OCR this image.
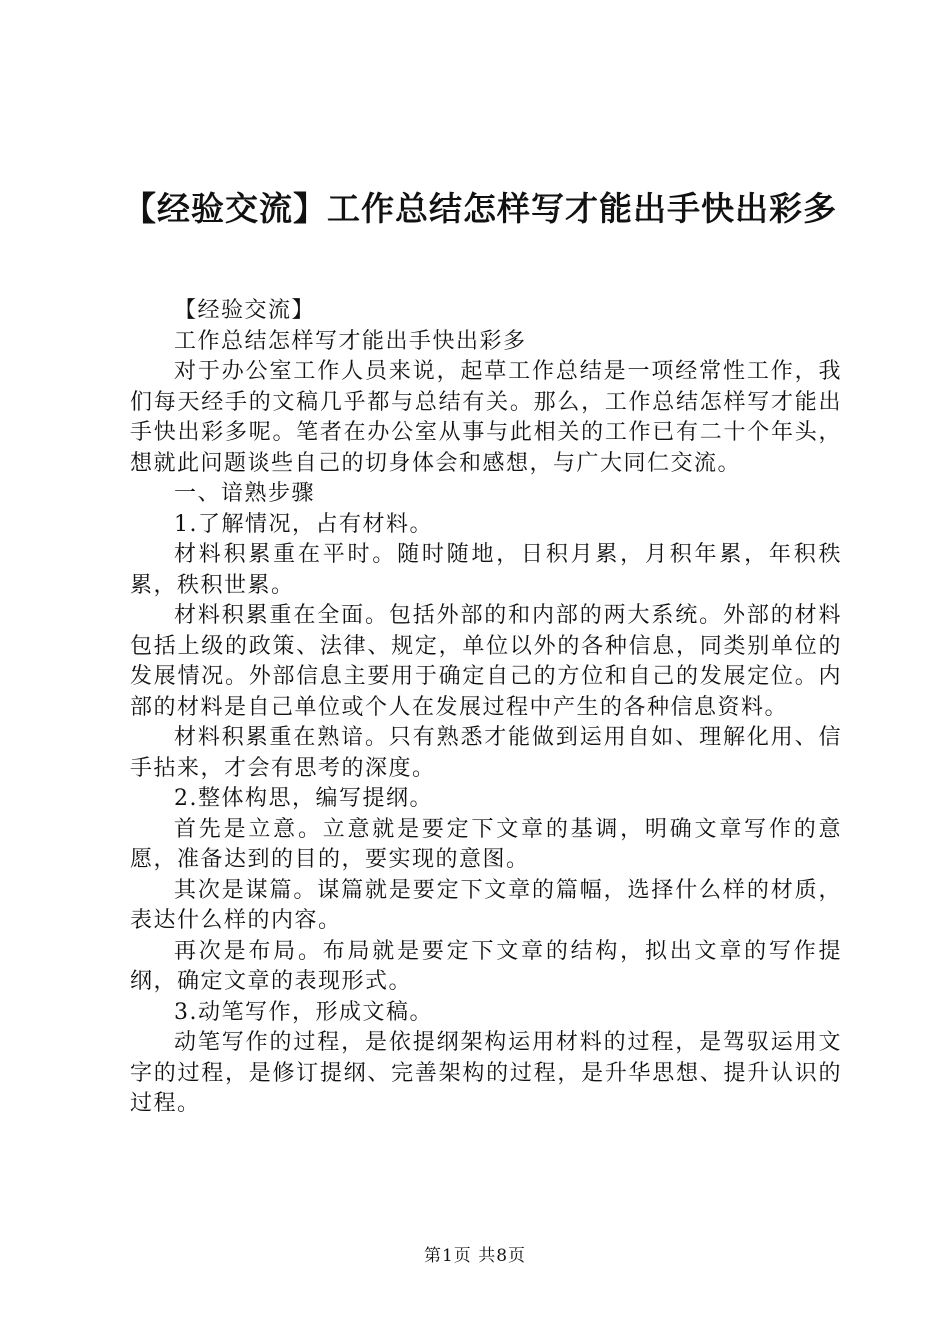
【经验交流】工作总结怎样写才能出手快出彩多

【经验交流】

工作总结怎样写才能出手快出彩多

对于办公室工作人员来说，起草工作总结是一项经常性工作，我们每天经手的文稿几乎都与总结有关。那么，工作总结怎样写才能出手快出彩多呢。笔者在办公室从事与此相关的工作已有二十个年头，想就此问题谈些自己的切身体会和感想，与广大同仁交流。

一、谙熟步骤

1.了解情况，占有材料。

材料积累重在平时。随时随地，日积月累，月积年累，年积秩累，秩积世累。

材料积累重在全面。包括外部的和内部的两大系统。外部的材料包括上级的政策、法律、规定，单位以外的各种信息，同类别单位的发展情况。外部信息主要用于确定自己的方位和自己的发展定位。内部的材料是自己单位或个人在发展过程中产生的各种信息资料。

材料积累重在熟谙。只有熟悉才能做到运用自如、理解化用、信手拈来，才会有思考的深度。

2.整体构思，编写提纲。

首先是立意。立意就是要定下文章的基调，明确文章写作的意愿，准备达到的目的，要实现的意图。

其次是谋篇。谋篇就是要定下文章的篇幅，选择什么样的材质，表达什么样的内容。

再次是布局。布局就是要定下文章的结构，拟出文章的写作提纲，确定文章的表现形式。

3.动笔写作，形成文稿。

动笔写作的过程，是依提纲架构运用材料的过程，是驾驭运用文字的过程，是修订提纲、完善架构的过程，是升华思想、提升认识的过程。

第1页 共8页
